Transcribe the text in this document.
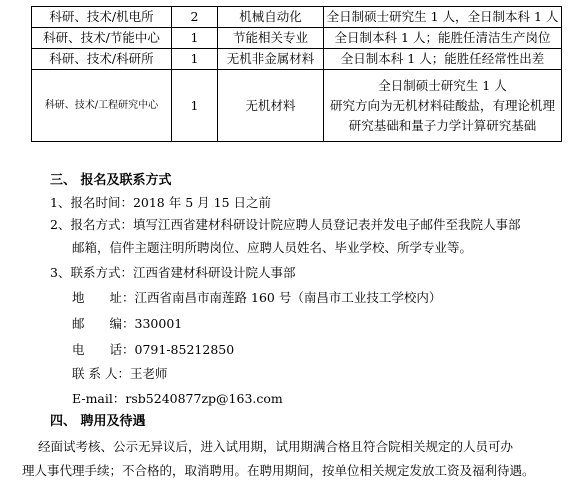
科研、技术/机电所	2	机械自动化	全日制硕士研究生 1 人，全日制本科 1 人

科研、技术/节能中心	1	节能相关专业	全日制本科 1 人；能胜任清洁生产岗位

科研、技术/科研所	1	无机非金属材料	全日制本科 1 人；能胜任经常性出差

科研、技术/工程研究中心	1	无机材料	全日制硕士研究生 1 人
研究方向为无机材料硅酸盐，有理论机理
研究基础和量子力学计算研究基础
三、 报名及联系方式
1、报名时间：2018 年 5 月 15 日之前
2、报名方式：填写江西省建材科研设计院应聘人员登记表并发电子邮件至我院人事部
邮箱，信件主题注明所聘岗位、应聘人员姓名、毕业学校、所学专业等。
3、联系方式：江西省建材科研设计院人事部
地　　址：江西省南昌市南莲路 160 号（南昌市工业技工学校内）
邮　　编：330001
电　　话：0791-85212850
联 系 人：王老师
E-mail：rsb5240877zp@163.com
四、 聘用及待遇
经面试考核、公示无异议后，进入试用期，试用期满合格且符合院相关规定的人员可办
理人事代理手续；不合格的，取消聘用。在聘用期间，按单位相关规定发放工资及福利待遇。
